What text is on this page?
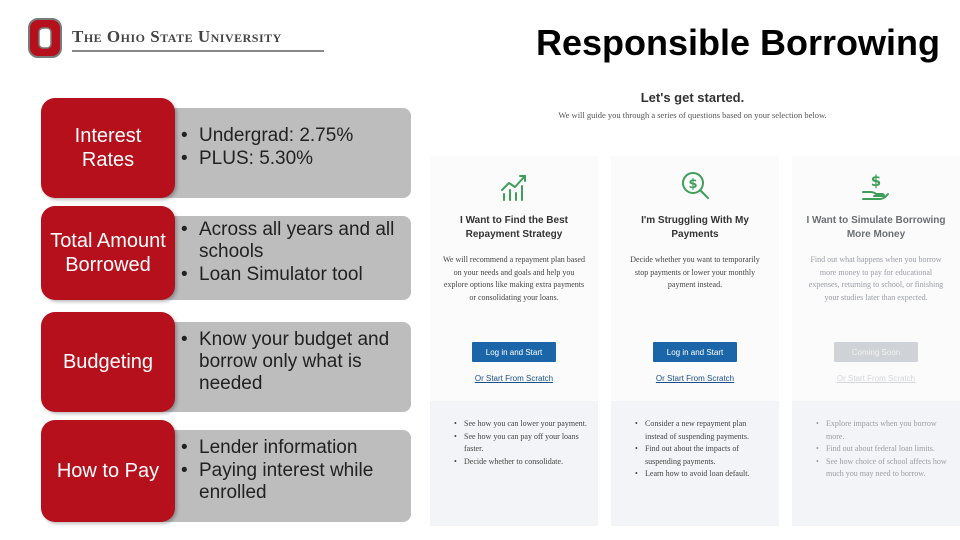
The Ohio State University	Responsible Borrowing
Interest Rates
• Undergrad: 2.75%
• PLUS: 5.30%
Total Amount Borrowed
• Across all years and all schools
• Loan Simulator tool
Budgeting
• Know your budget and borrow only what is needed
How to Pay
• Lender information
• Paying interest while enrolled
Let's get started.
We will guide you through a series of questions based on your selection below.
I Want to Find the Best Repayment Strategy
We will recommend a repayment plan based on your needs and goals and help you explore options like making extra payments or consolidating your loans.
Log in and Start
Or Start From Scratch
• See how you can lower your payment.
• See how you can pay off your loans faster.
• Decide whether to consolidate.
$
I'm Struggling With My Payments
Decide whether you want to temporarily stop payments or lower your monthly payment instead.
Log in and Start
Or Start From Scratch
• Consider a new repayment plan instead of suspending payments.
• Find out about the impacts of suspending payments.
• Learn how to avoid loan default.
$
I Want to Simulate Borrowing More Money
Find out what happens when you borrow more money to pay for educational expenses, returning to school, or finishing your studies later than expected.
Coming Soon
Or Start From Scratch
• Explore impacts when you borrow more.
• Find out about federal loan limits.
• See how choice of school affects how much you may need to borrow.
